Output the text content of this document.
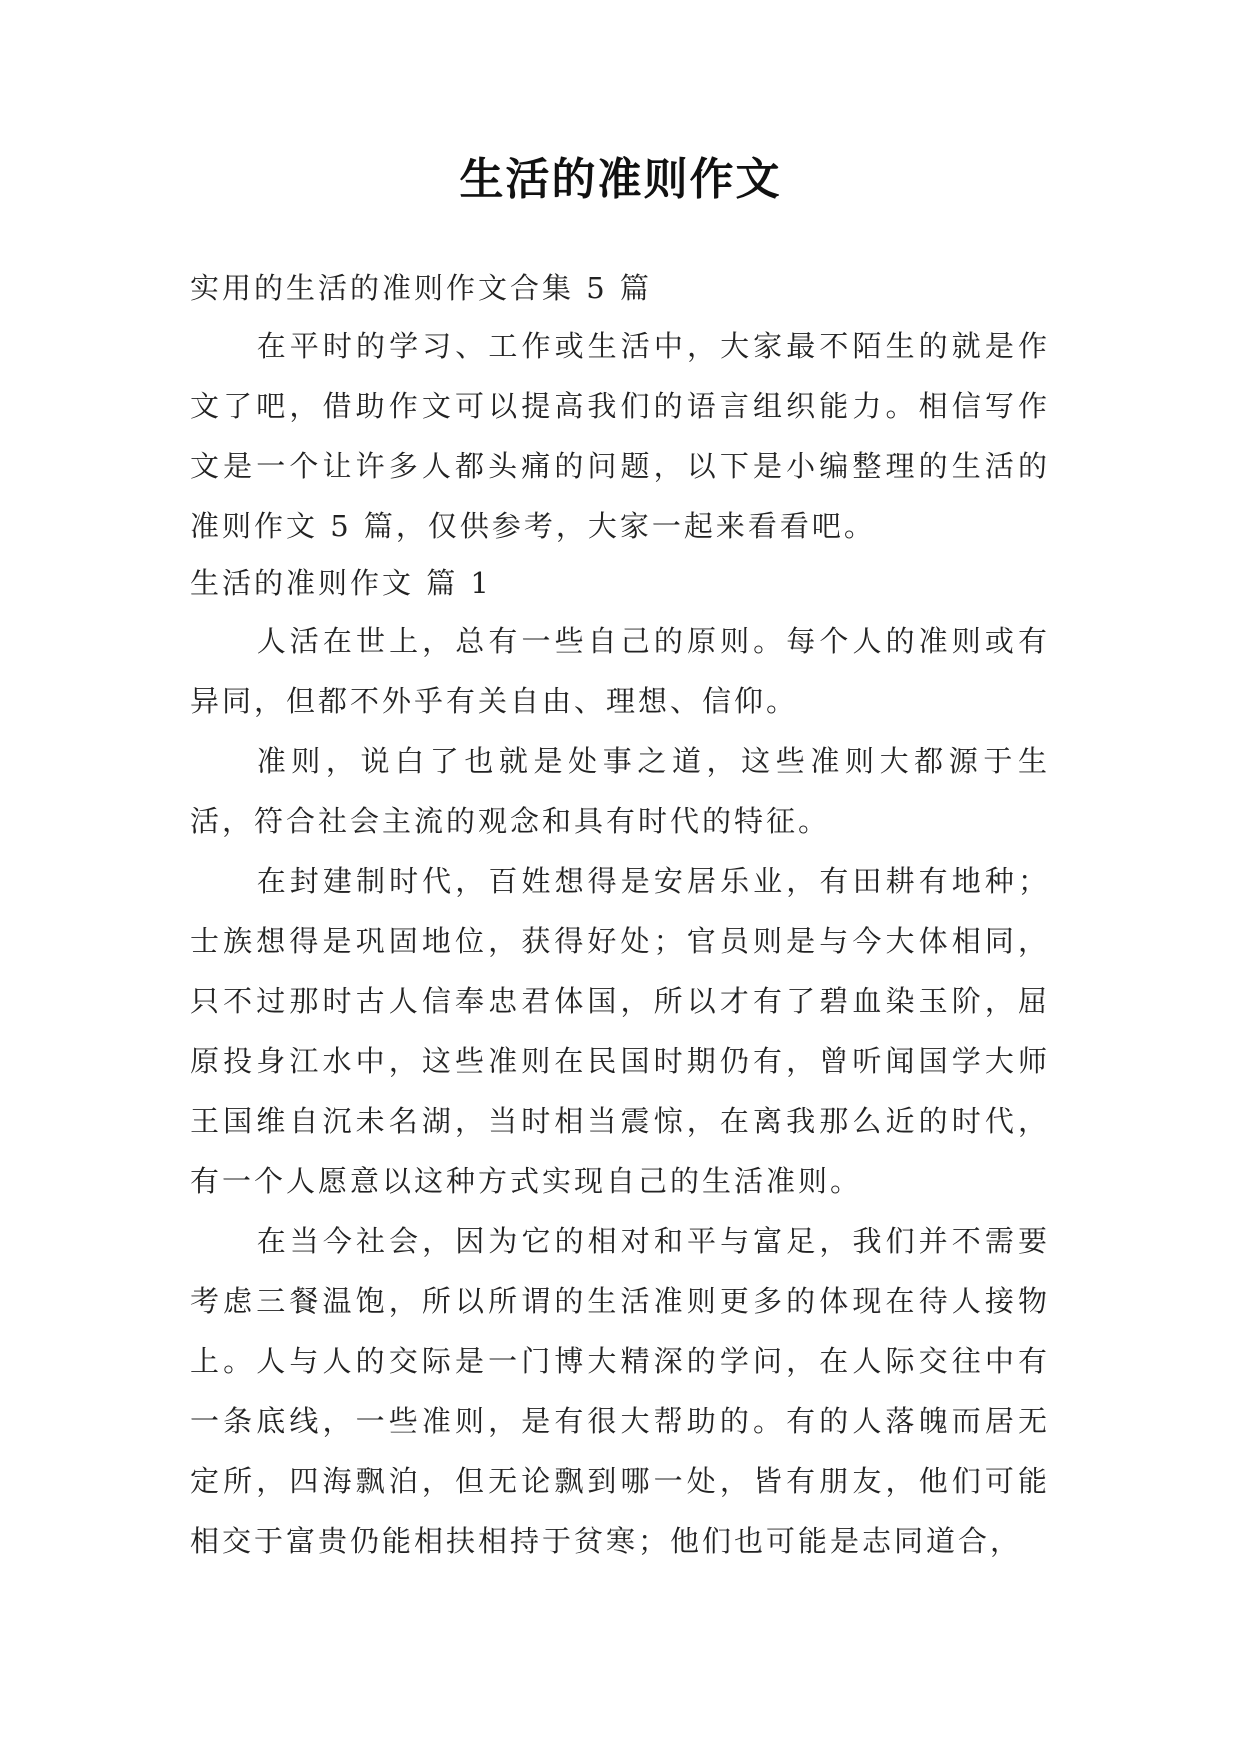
生活的准则作文
实用的生活的准则作文合集 5 篇
在平时的学习、工作或生活中，大家最不陌生的就是作文了吧，借助作文可以提高我们的语言组织能力。相信写作文是一个让许多人都头痛的问题，以下是小编整理的生活的准则作文 5 篇，仅供参考，大家一起来看看吧。
生活的准则作文 篇 1
人活在世上，总有一些自己的原则。每个人的准则或有异同，但都不外乎有关自由、理想、信仰。
准则，说白了也就是处事之道，这些准则大都源于生活，符合社会主流的观念和具有时代的特征。
在封建制时代，百姓想得是安居乐业，有田耕有地种；士族想得是巩固地位，获得好处；官员则是与今大体相同，只不过那时古人信奉忠君体国，所以才有了碧血染玉阶，屈原投身江水中，这些准则在民国时期仍有，曾听闻国学大师王国维自沉未名湖，当时相当震惊，在离我那么近的时代，有一个人愿意以这种方式实现自己的生活准则。
在当今社会，因为它的相对和平与富足，我们并不需要考虑三餐温饱，所以所谓的生活准则更多的体现在待人接物上。人与人的交际是一门博大精深的学问，在人际交往中有一条底线，一些准则，是有很大帮助的。有的人落魄而居无定所，四海飘泊，但无论飘到哪一处，皆有朋友，他们可能相交于富贵仍能相扶相持于贫寒；他们也可能是志同道合，
